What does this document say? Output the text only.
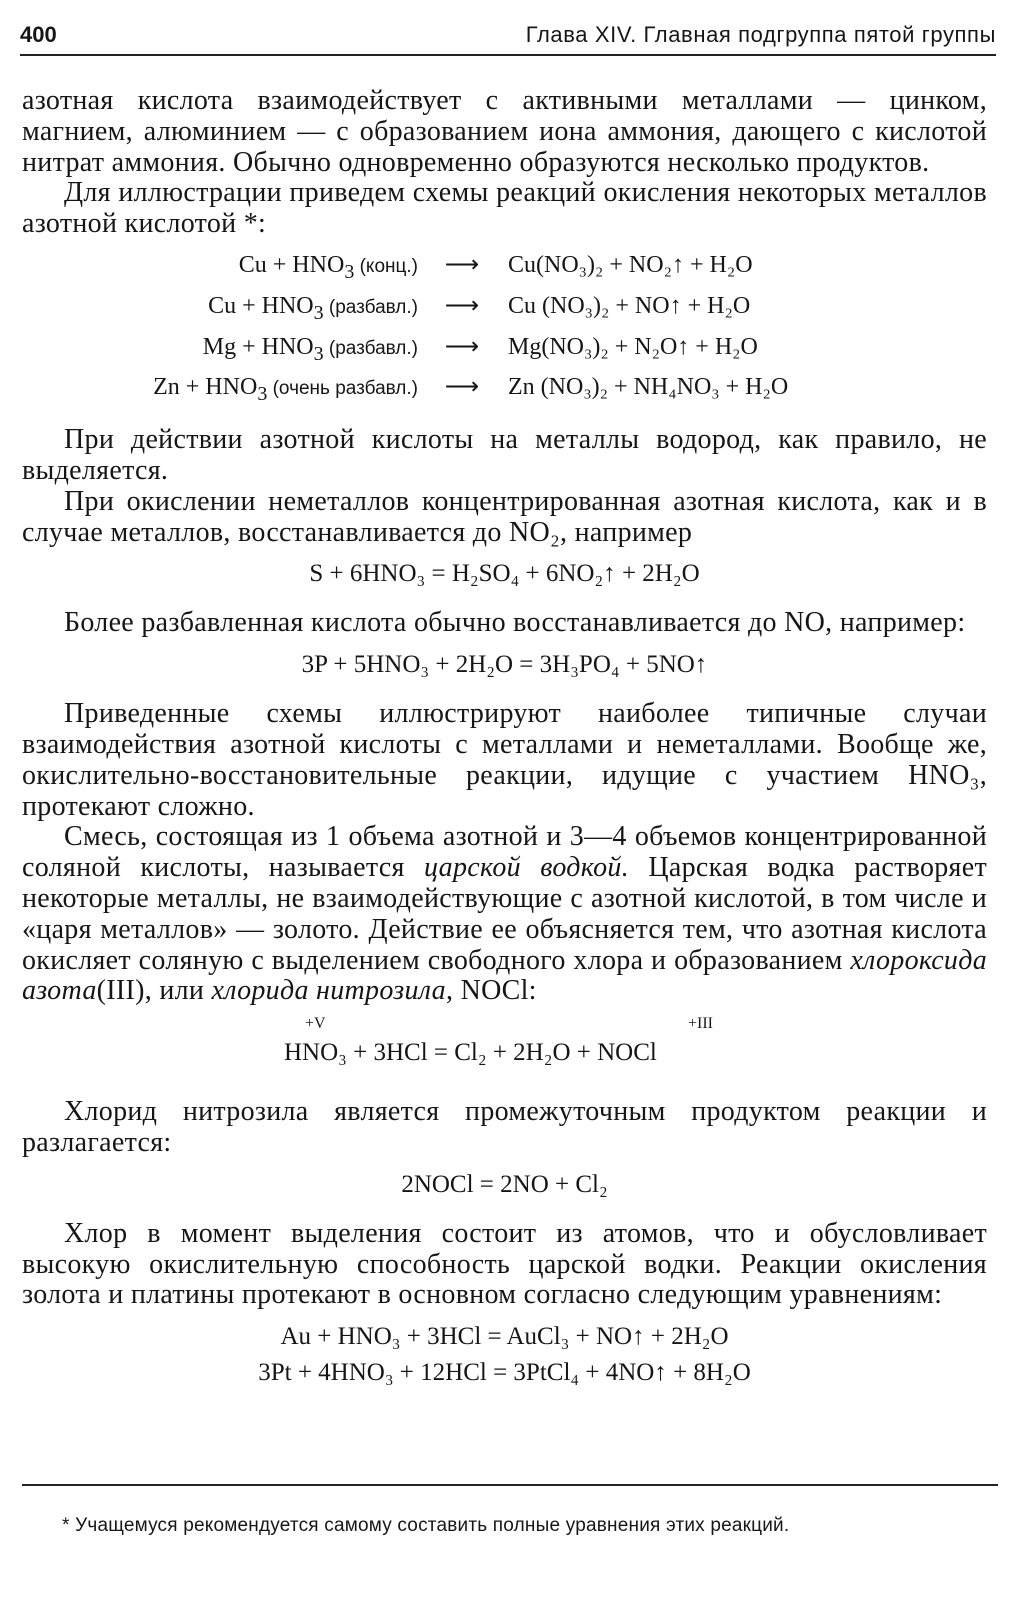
400	Глава XIV. Главная подгруппа пятой группы

азотная кислота взаимодействует с активными металлами — цинком, магнием, алюминием — с образованием иона аммония, дающего с кислотой нитрат аммония. Обычно одновременно образуются несколько продуктов.

Для иллюстрации приведем схемы реакций окисления некоторых металлов азотной кислотой *:

$Cu + HNO_3$ (конц.)	⟶	Cu(NO₃)₂ + NO₂↑ + H₂O
$Cu + HNO_3$ (разбавл.)	⟶	Cu (NO₃)₂ + NO↑ + H₂O
$Mg + HNO_3$ (разбавл.)	⟶	Mg(NO₃)₂ + N₂O↑ + H₂O
$Zn + HNO_3$ (очень разбавл.)	⟶	Zn (NO₃)₂ + NH₄NO₃ + H₂O

При действии азотной кислоты на металлы водород, как правило, не выделяется.

При окислении неметаллов концентрированная азотная кислота, как и в случае металлов, восстанавливается до NO₂, например

S + 6HNO₃ = H₂SO₄ + 6NO₂↑ + 2H₂O

Более разбавленная кислота обычно восстанавливается до NO, например:

3P + 5HNO₃ + 2H₂O = 3H₃PO₄ + 5NO↑

Приведенные схемы иллюстрируют наиболее типичные случаи взаимодействия азотной кислоты с металлами и неметаллами. Вообще же, окислительно-восстановительные реакции, идущие с участием HNO₃, протекают сложно.

Смесь, состоящая из 1 объема азотной и 3—4 объемов концентрированной соляной кислоты, называется царской водкой. Царская водка растворяет некоторые металлы, не взаимодействующие с азотной кислотой, в том числе и «царя металлов» — золото. Действие ее объясняется тем, что азотная кислота окисляет соляную с выделением свободного хлора и образованием хлороксида азота(III), или хлорида нитрозила, NOCl:

+V	+III
HNO₃ + 3HCl = Cl₂ + 2H₂O + NOCl

Хлорид нитрозила является промежуточным продуктом реакции и разлагается:

2NOCl = 2NO + Cl₂

Хлор в момент выделения состоит из атомов, что и обусловливает высокую окислительную способность царской водки. Реакции окисления золота и платины протекают в основном согласно следующим уравнениям:

Au + HNO₃ + 3HCl = AuCl₃ + NO↑ + 2H₂O
3Pt + 4HNO₃ + 12HCl = 3PtCl₄ + 4NO↑ + 8H₂O

* Учащемуся рекомендуется самому составить полные уравнения этих реакций.
